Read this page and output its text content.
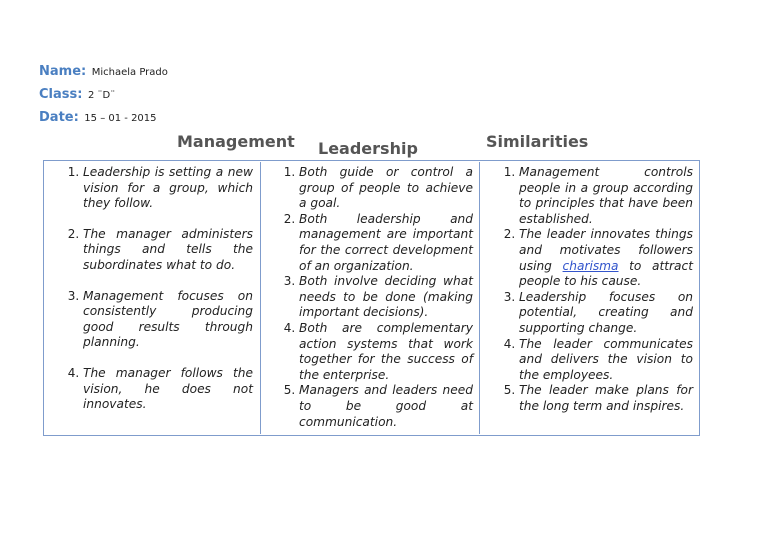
Name: Michaela Prado
Class: 2 ¨D¨
Date: 15 – 01 - 2015
Management Leadership	Similarities
1. Leadership is setting a new vision for a group, which they follow.
2. The manager administers things and tells the subordinates what to do.
3. Management focuses on consistently producing good results through planning.
4. The manager follows the vision, he does not innovates.
1. Both guide or control a group of people to achieve a goal.
2. Both leadership and management are important for the correct development of an organization.
3. Both involve deciding what needs to be done (making important decisions).
4. Both are complementary action systems that work together for the success of the enterprise.
5. Managers and leaders need to be good at communication.
1. Management controls people in a group according to principles that have been established.
2. The leader innovates things and motivates followers using charisma to attract people to his cause.
3. Leadership focuses on potential, creating and supporting change.
4. The leader communicates and delivers the vision to the employees.
5. The leader make plans for the long term and inspires.
